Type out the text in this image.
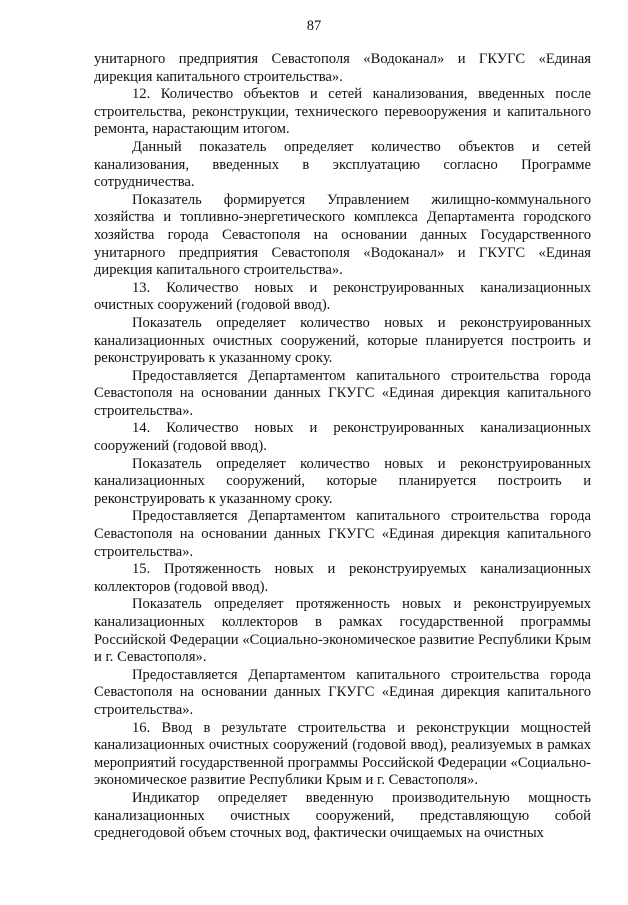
87

унитарного предприятия Севастополя «Водоканал» и ГКУГС «Единая дирекция капитального строительства».

12. Количество объектов и сетей канализования, введенных после строительства, реконструкции, технического перевооружения и капитального ремонта, нарастающим итогом.

Данный показатель определяет количество объектов и сетей канализования, введенных в эксплуатацию согласно Программе сотрудничества.

Показатель формируется Управлением жилищно-коммунального хозяйства и топливно-энергетического комплекса Департамента городского хозяйства города Севастополя на основании данных Государственного унитарного предприятия Севастополя «Водоканал» и ГКУГС «Единая дирекция капитального строительства».

13. Количество новых и реконструированных канализационных очистных сооружений (годовой ввод).

Показатель определяет количество новых и реконструированных канализационных очистных сооружений, которые планируется построить и реконструировать к указанному сроку.

Предоставляется Департаментом капитального строительства города Севастополя на основании данных ГКУГС «Единая дирекция капитального строительства».

14. Количество новых и реконструированных канализационных сооружений (годовой ввод).

Показатель определяет количество новых и реконструированных канализационных сооружений, которые планируется построить и реконструировать к указанному сроку.

Предоставляется Департаментом капитального строительства города Севастополя на основании данных ГКУГС «Единая дирекция капитального строительства».

15. Протяженность новых и реконструируемых канализационных коллекторов (годовой ввод).

Показатель определяет протяженность новых и реконструируемых канализационных коллекторов в рамках государственной программы Российской Федерации «Социально-экономическое развитие Республики Крым и г. Севастополя».

Предоставляется Департаментом капитального строительства города Севастополя на основании данных ГКУГС «Единая дирекция капитального строительства».

16. Ввод в результате строительства и реконструкции мощностей канализационных очистных сооружений (годовой ввод), реализуемых в рамках мероприятий государственной программы Российской Федерации «Социально-экономическое развитие Республики Крым и г. Севастополя».

Индикатор определяет введенную производительную мощность канализационных очистных сооружений, представляющую собой среднегодовой объем сточных вод, фактически очищаемых на очистных
